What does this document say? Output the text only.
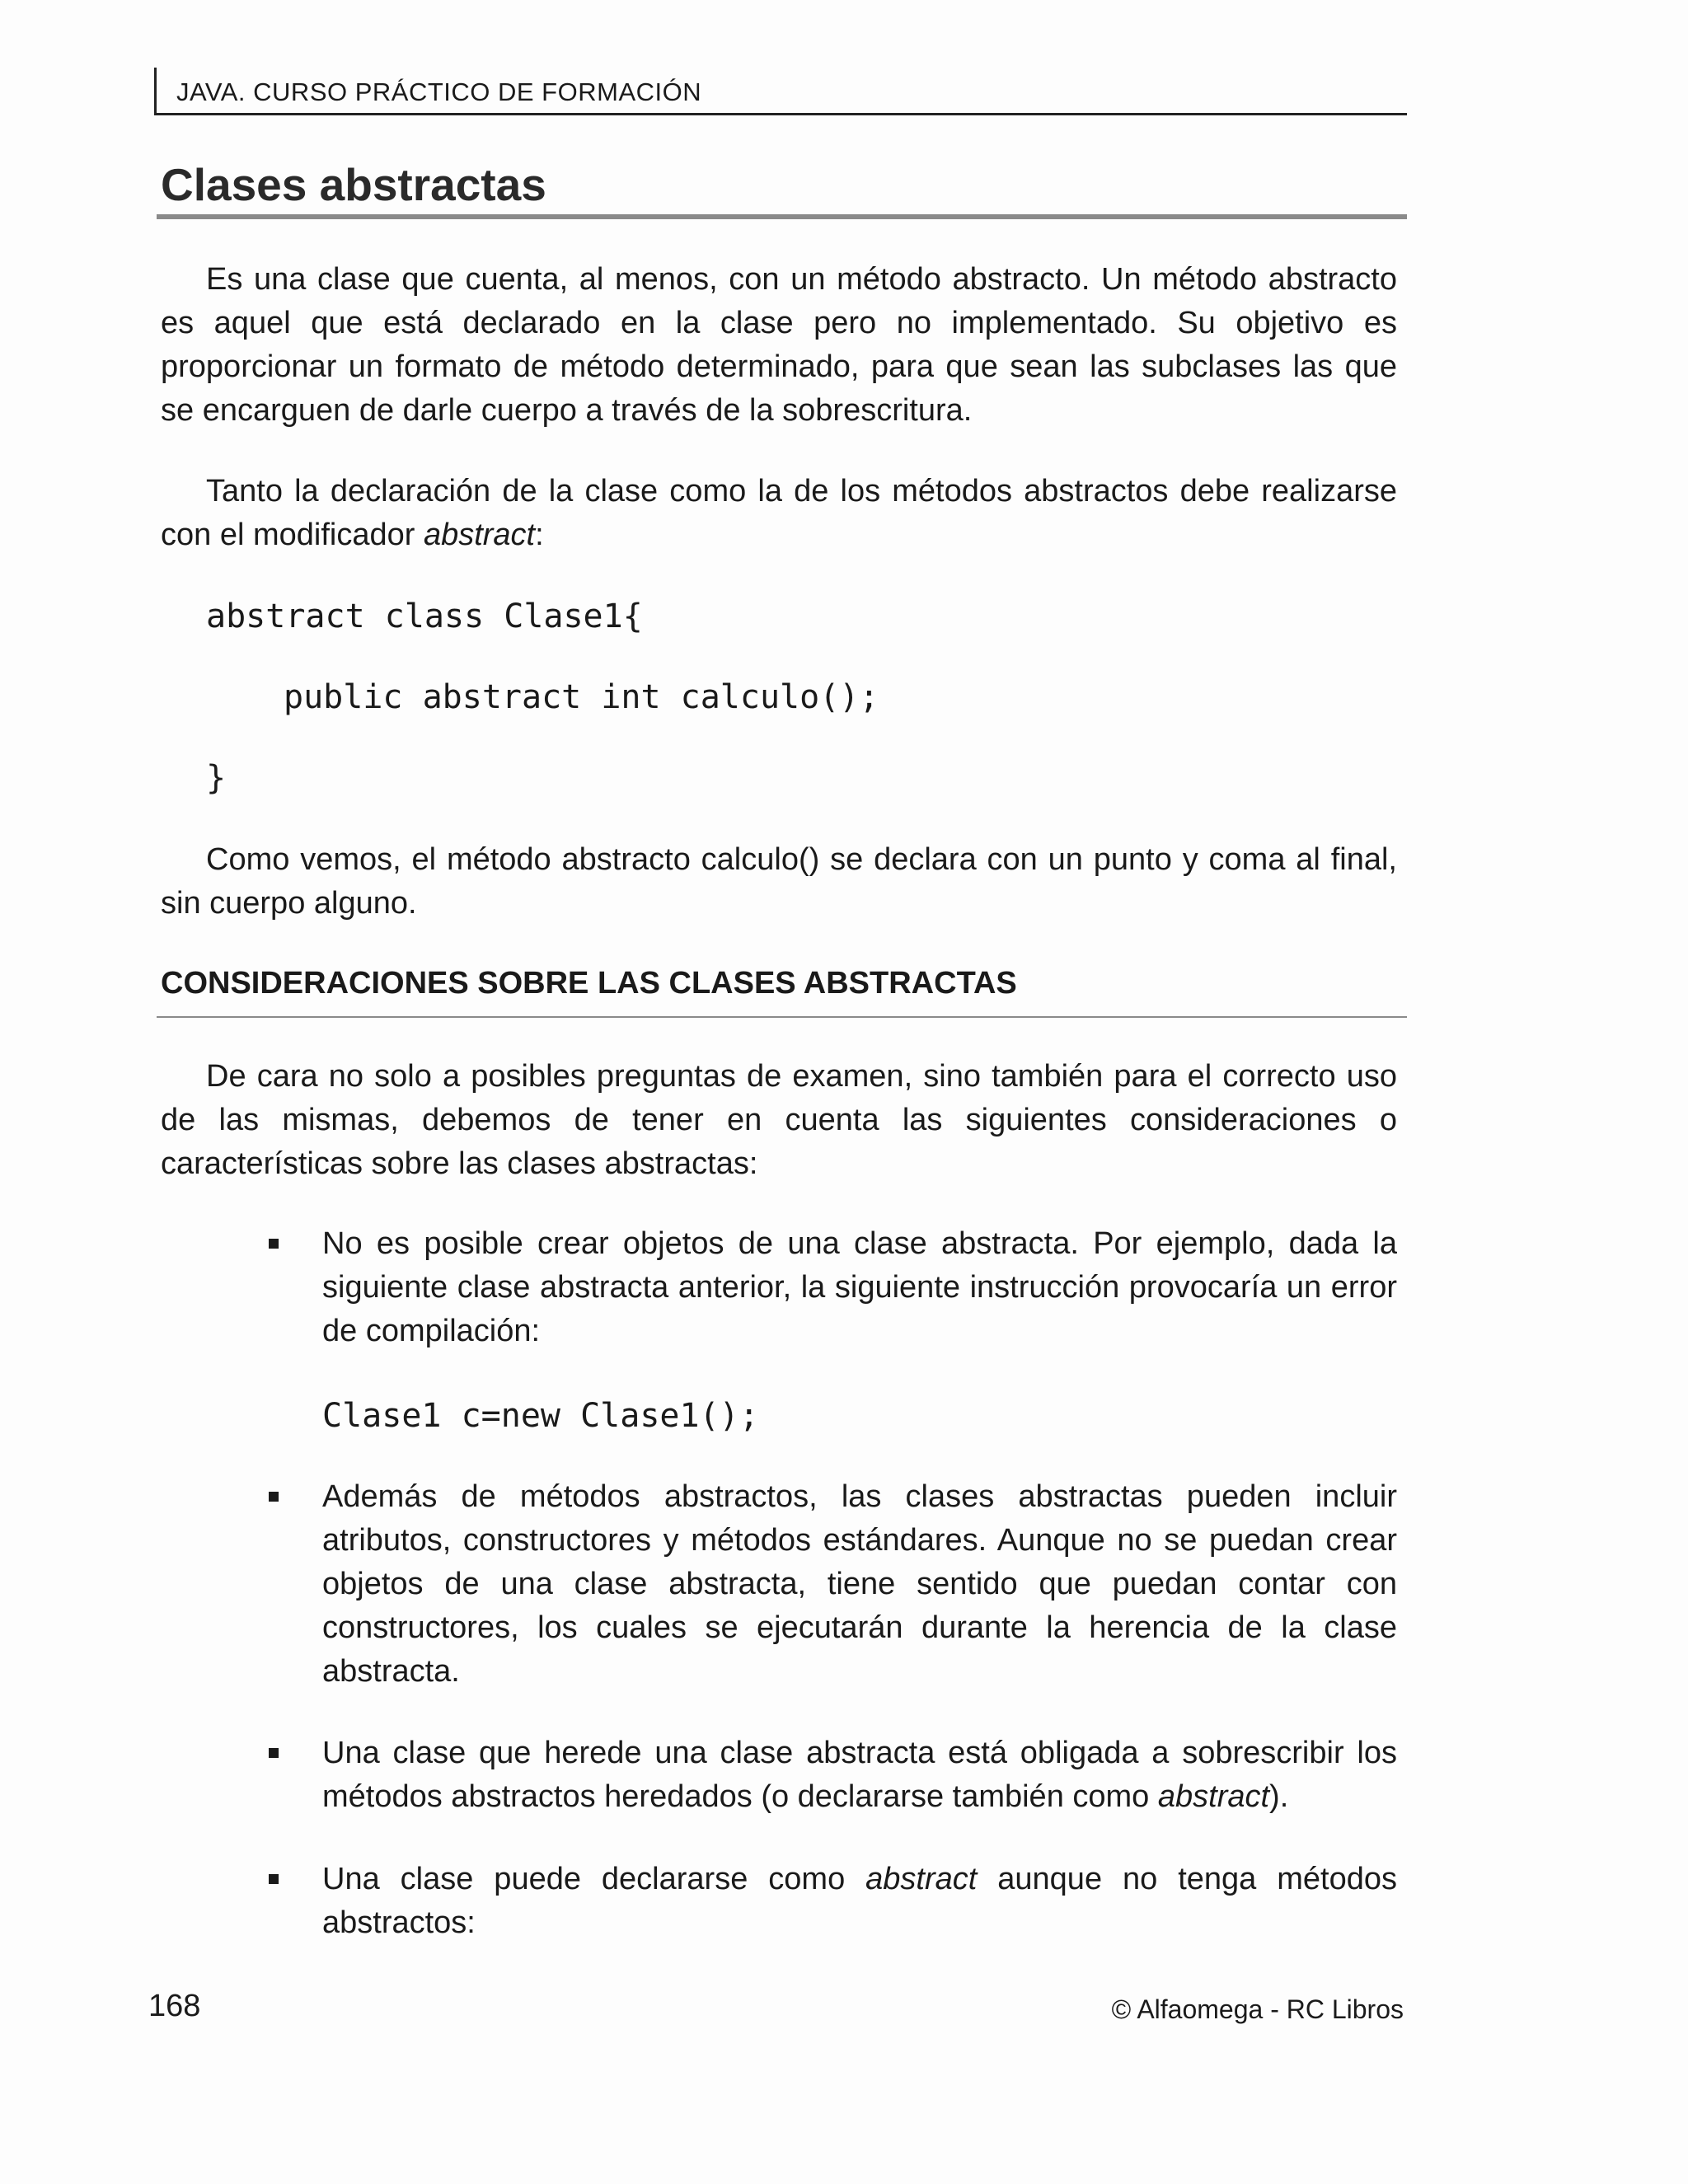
JAVA. CURSO PRÁCTICO DE FORMACIÓN
Clases abstractas

Es una clase que cuenta, al menos, con un método abstracto. Un método abstracto es aquel que está declarado en la clase pero no implementado. Su objetivo es proporcionar un formato de método determinado, para que sean las subclases las que se encarguen de darle cuerpo a través de la sobrescritura.

Tanto la declaración de la clase como la de los métodos abstractos debe realizarse con el modificador abstract:

abstract class Clase1{
public abstract int calculo();
}

Como vemos, el método abstracto calculo() se declara con un punto y coma al final, sin cuerpo alguno.

CONSIDERACIONES SOBRE LAS CLASES ABSTRACTAS

De cara no solo a posibles preguntas de examen, sino también para el correcto uso de las mismas, debemos de tener en cuenta las siguientes consideraciones o características sobre las clases abstractas:

No es posible crear objetos de una clase abstracta. Por ejemplo, dada la siguiente clase abstracta anterior, la siguiente instrucción provocaría un error de compilación:

Clase1 c=new Clase1();

Además de métodos abstractos, las clases abstractas pueden incluir atributos, constructores y métodos estándares. Aunque no se puedan crear objetos de una clase abstracta, tiene sentido que puedan contar con constructores, los cuales se ejecutarán durante la herencia de la clase abstracta.

Una clase que herede una clase abstracta está obligada a sobrescribir los métodos abstractos heredados (o declararse también como abstract).

Una clase puede declararse como abstract aunque no tenga métodos abstractos:

168	© Alfaomega - RC Libros
